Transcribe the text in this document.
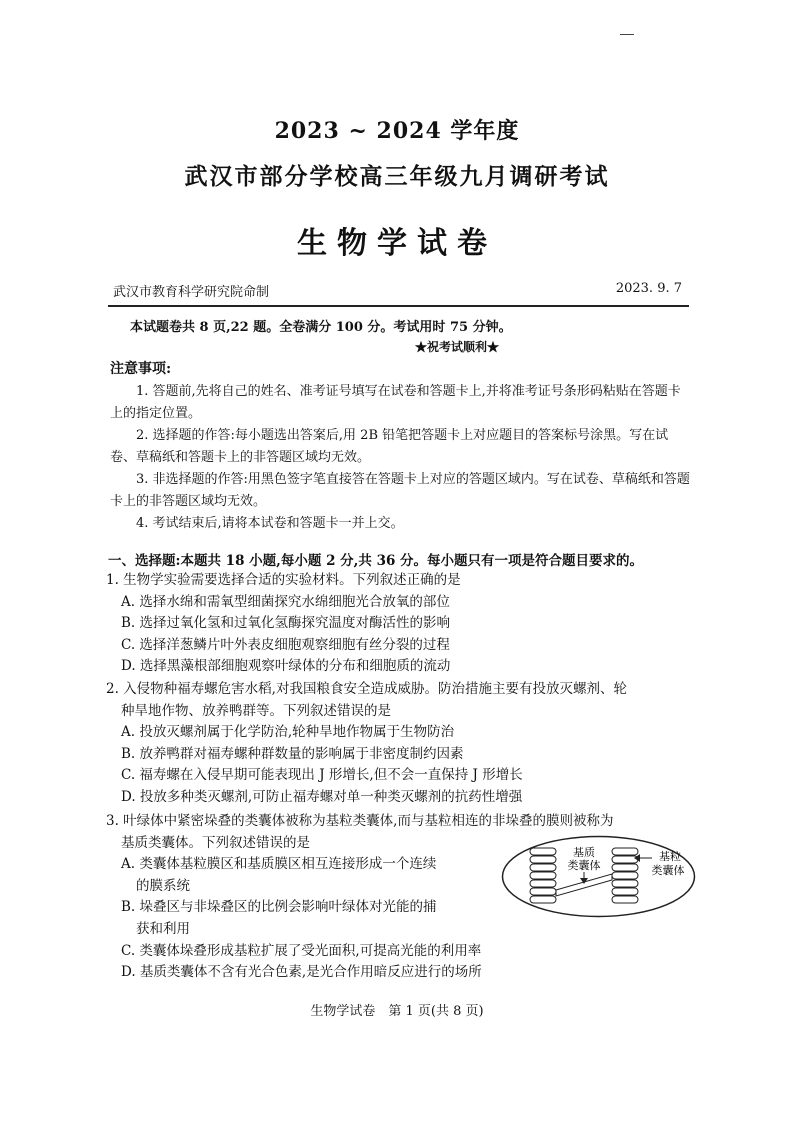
2023 ~ 2024 学年度
武汉市部分学校高三年级九月调研考试
生物学试卷
武汉市教育科学研究院命制	2023. 9. 7
本试题卷共 8 页,22 题。全卷满分 100 分。考试用时 75 分钟。
★祝考试顺利★
注意事项:

1. 答题前,先将自己的姓名、准考证号填写在试卷和答题卡上,并将准考证号条形码粘贴在答题卡上的指定位置。

2. 选择题的作答:每小题选出答案后,用 2B 铅笔把答题卡上对应题目的答案标号涂黑。写在试卷、草稿纸和答题卡上的非答题区域均无效。

3. 非选择题的作答:用黑色签字笔直接答在答题卡上对应的答题区域内。写在试卷、草稿纸和答题卡上的非答题区域均无效。

4. 考试结束后,请将本试卷和答题卡一并上交。

一、选择题:本题共 18 小题,每小题 2 分,共 36 分。每小题只有一项是符合题目要求的。

1. 生物学实验需要选择合适的实验材料。下列叙述正确的是

A. 选择水绵和需氧型细菌探究水绵细胞光合放氧的部位

B. 选择过氧化氢和过氧化氢酶探究温度对酶活性的影响

C. 选择洋葱鳞片叶外表皮细胞观察细胞有丝分裂的过程

D. 选择黑藻根部细胞观察叶绿体的分布和细胞质的流动

2. 入侵物种福寿螺危害水稻,对我国粮食安全造成威胁。防治措施主要有投放灭螺剂、轮

种旱地作物、放养鸭群等。下列叙述错误的是

A. 投放灭螺剂属于化学防治,轮种旱地作物属于生物防治

B. 放养鸭群对福寿螺种群数量的影响属于非密度制约因素

C. 福寿螺在入侵早期可能表现出 J 形增长,但不会一直保持 J 形增长

D. 投放多种类灭螺剂,可防止福寿螺对单一种类灭螺剂的抗药性增强

3. 叶绿体中紧密垛叠的类囊体被称为基粒类囊体,而与基粒相连的非垛叠的膜则被称为

基质类囊体。下列叙述错误的是

A. 类囊体基粒膜区和基质膜区相互连接形成一个连续

的膜系统

B. 垛叠区与非垛叠区的比例会影响叶绿体对光能的捕

获和利用

C. 类囊体垛叠形成基粒扩展了受光面积,可提高光能的利用率

D. 基质类囊体不含有光合色素,是光合作用暗反应进行的场所

基质
类囊体
基粒
类囊体
生物学试卷　第 1 页(共 8 页)
